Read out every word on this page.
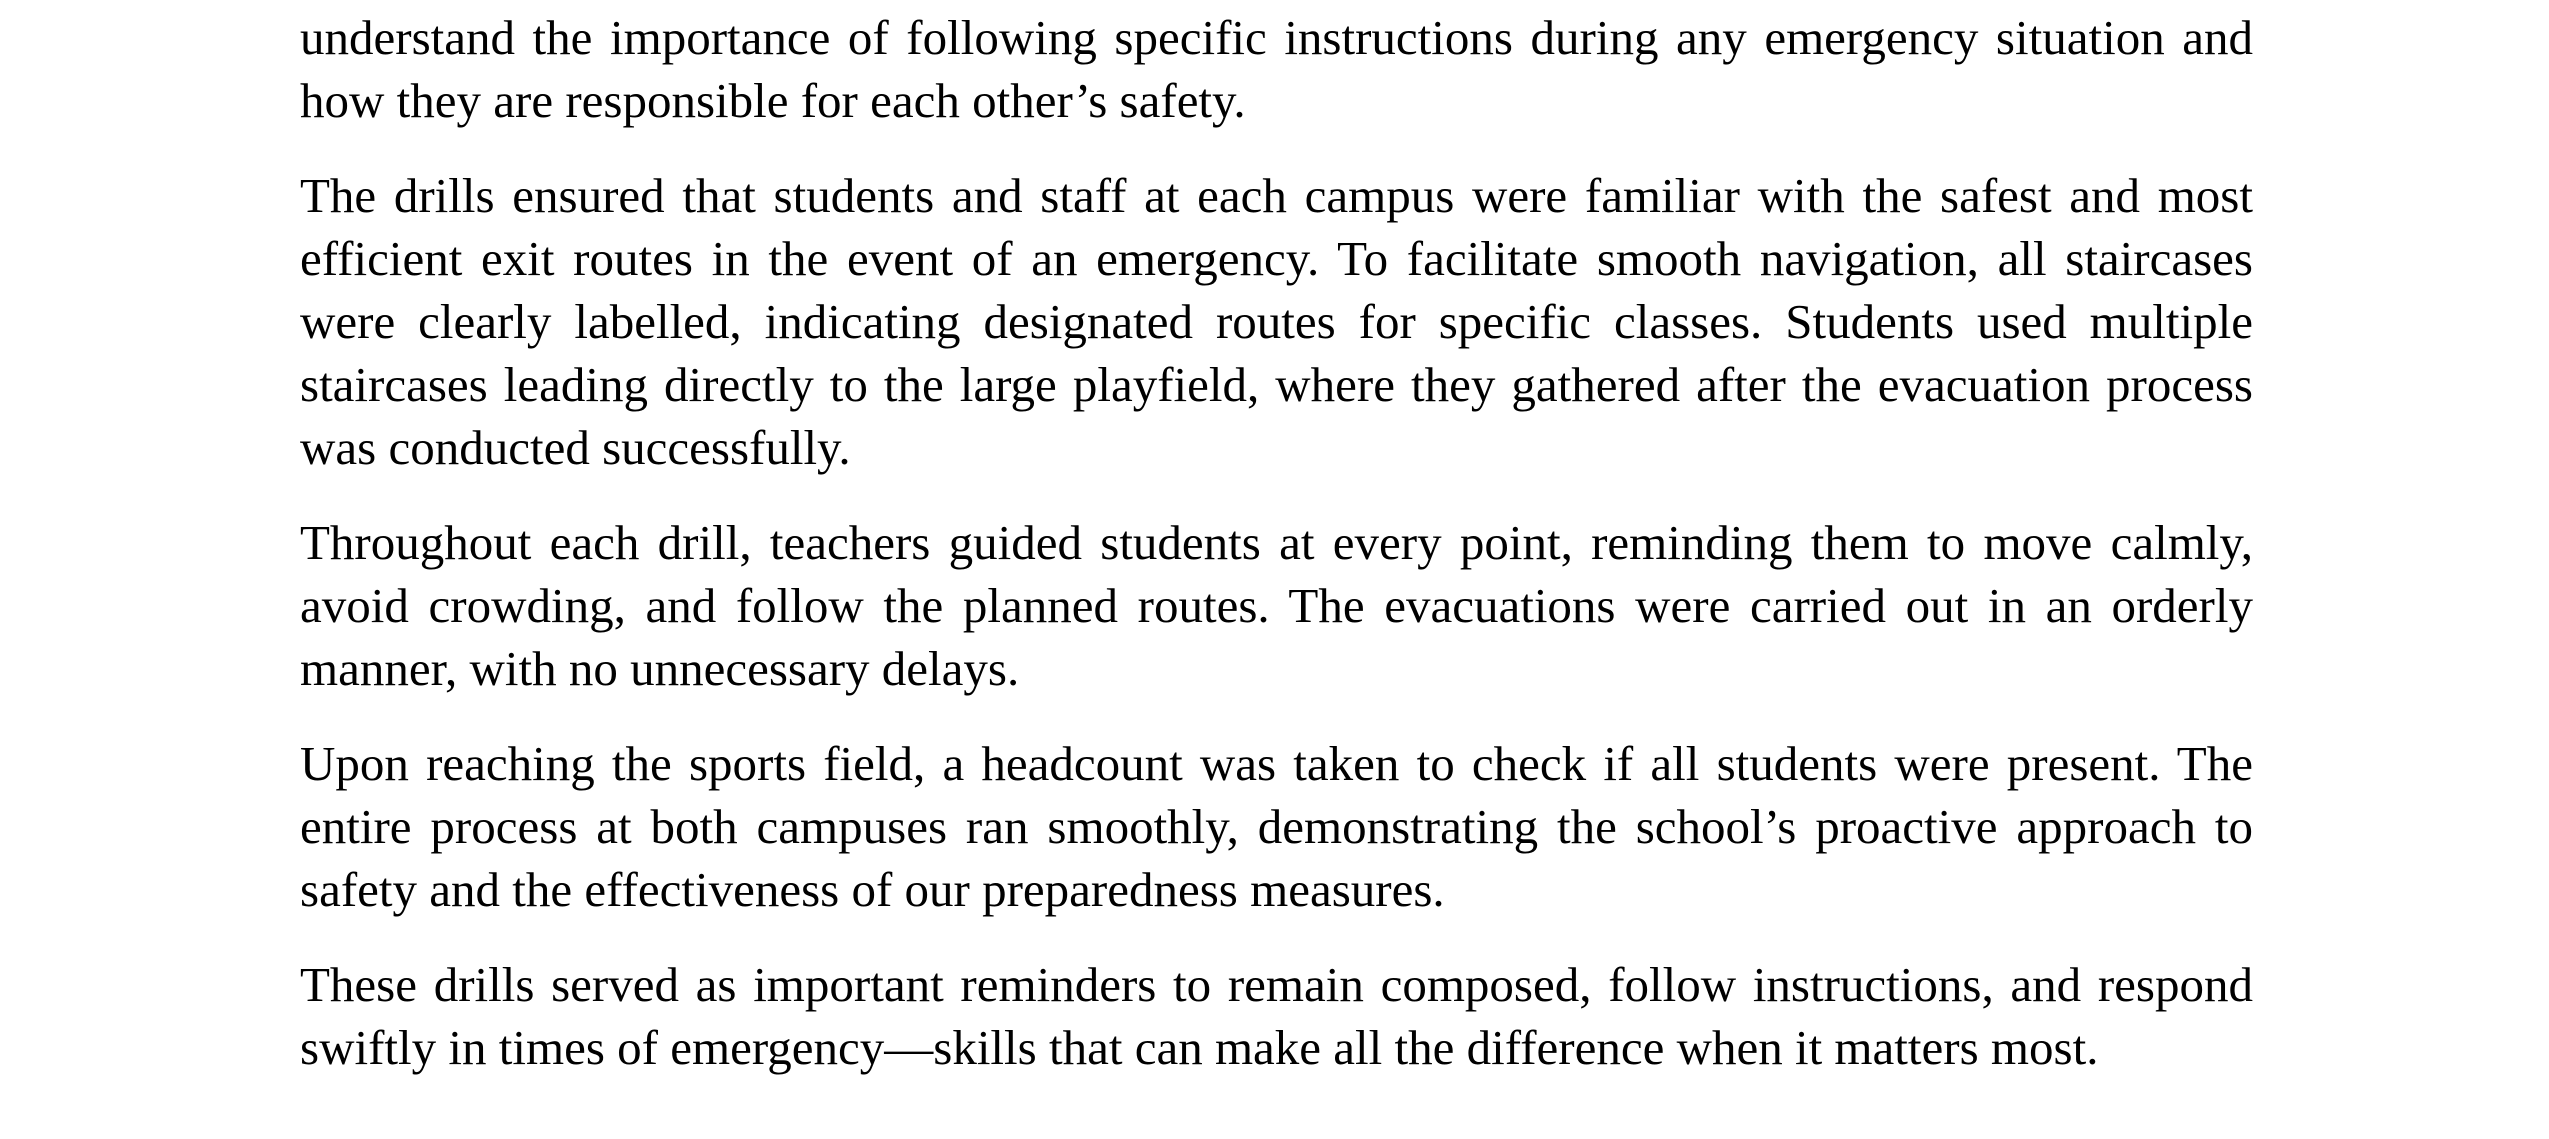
understand the importance of following specific instructions during any emergency situation and how they are responsible for each other’s safety.

The drills ensured that students and staff at each campus were familiar with the safest and most efficient exit routes in the event of an emergency. To facilitate smooth navigation, all staircases were clearly labelled, indicating designated routes for specific classes. Students used multiple staircases leading directly to the large playfield, where they gathered after the evacuation process was conducted successfully.

Throughout each drill, teachers guided students at every point, reminding them to move calmly, avoid crowding, and follow the planned routes. The evacuations were carried out in an orderly manner, with no unnecessary delays.

Upon reaching the sports field, a headcount was taken to check if all students were present. The entire process at both campuses ran smoothly, demonstrating the school’s proactive approach to safety and the effectiveness of our preparedness measures.

These drills served as important reminders to remain composed, follow instructions, and respond swiftly in times of emergency—skills that can make all the difference when it matters most.
